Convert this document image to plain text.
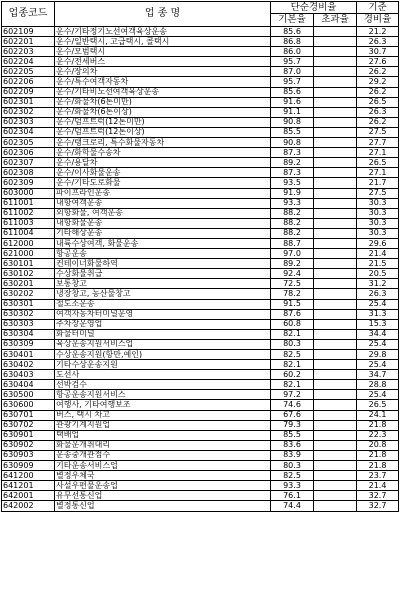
업종코드	업 종 명	단순경비율		기준
		기본율	초과율	경비율
602109	운수/기타정기노선여객육상운송	85.6		21.2
602201	운수/일반택시, 고급택시, 콜택시	86.8		26.3
602203	운수/모범택시	86.0		30.7
602204	운수/전세버스	95.7		27.6
602205	운수/장의차	87.0		26.2
602206	운수/특수여객자동차	95.7		29.2
602209	운수/기타비노선여객육상운송	85.6		26.2
602301	운수/화물차(6톤미만)	91.6		26.5
602302	운수/화물차(6톤이상)	91.1		26.3
602303	운수/덤프트럭(12톤미만)	90.8		26.2
602304	운수/덤프트럭(12톤이상)	85.5		27.5
602305	운수/탱크로리, 특수화물자동차	90.8		27.7
602306	운수/화학물수송차	87.3		27.1
602307	운수/용달차	89.2		26.5
602308	운수/이사화물운송	87.3		27.1
602309	운수/기타도로화물	93.5		21.7
603000	파이프라인운송	91.9		27.5
611001	내항여객운송	93.3		30.3
611002	외항화물, 여객운송	88.2		30.3
611003	내항화물운송	88.2		30.3
611004	기타해상운송	88.2		30.3
612000	내륙수상여객, 화물운송	88.7		29.6
621000	항공운송	97.0		21.4
630101	컨테이너화물하역	89.2		21.5
630102	수상화물취급	92.4		20.5
630201	보통창고	72.5		31.2
630202	냉장창고, 농산물창고	78.2		26.3
630301	철도소운송	91.5		25.4
630302	여객자동차터미널운영	87.6		31.3
630303	주차장운영업	60.8		15.3
630304	화물터미널	82.1		34.4
630309	육상운송지원서비스업	80.3		25.4
630401	수상운송지원(항만,예인)	82.5		29.8
630402	기타수상운송지원	82.1		25.4
630403	도선사	60.2		34.7
630404	선박검수	82.1		28.8
630500	항공운송지원서비스	97.2		25.4
630600	여행사, 기타여행보조	74.6		26.5
630701	버스, 택시 차고	67.6		24.1
630702	관광기계지원업	79.3		21.8
630901	택배업	85.5		22.3
630902	화물운개취대리	83.6		20.8
630903	운송중개관점수	83.9		21.8
630909	기타운송서비스업	80.3		21.8
641200	별정우체국	82.5		23.7
641201	사설우편물운송업	93.3		21.4
642001	유무선통신업	76.1		32.7
642002	별정통신업	74.4		32.7
